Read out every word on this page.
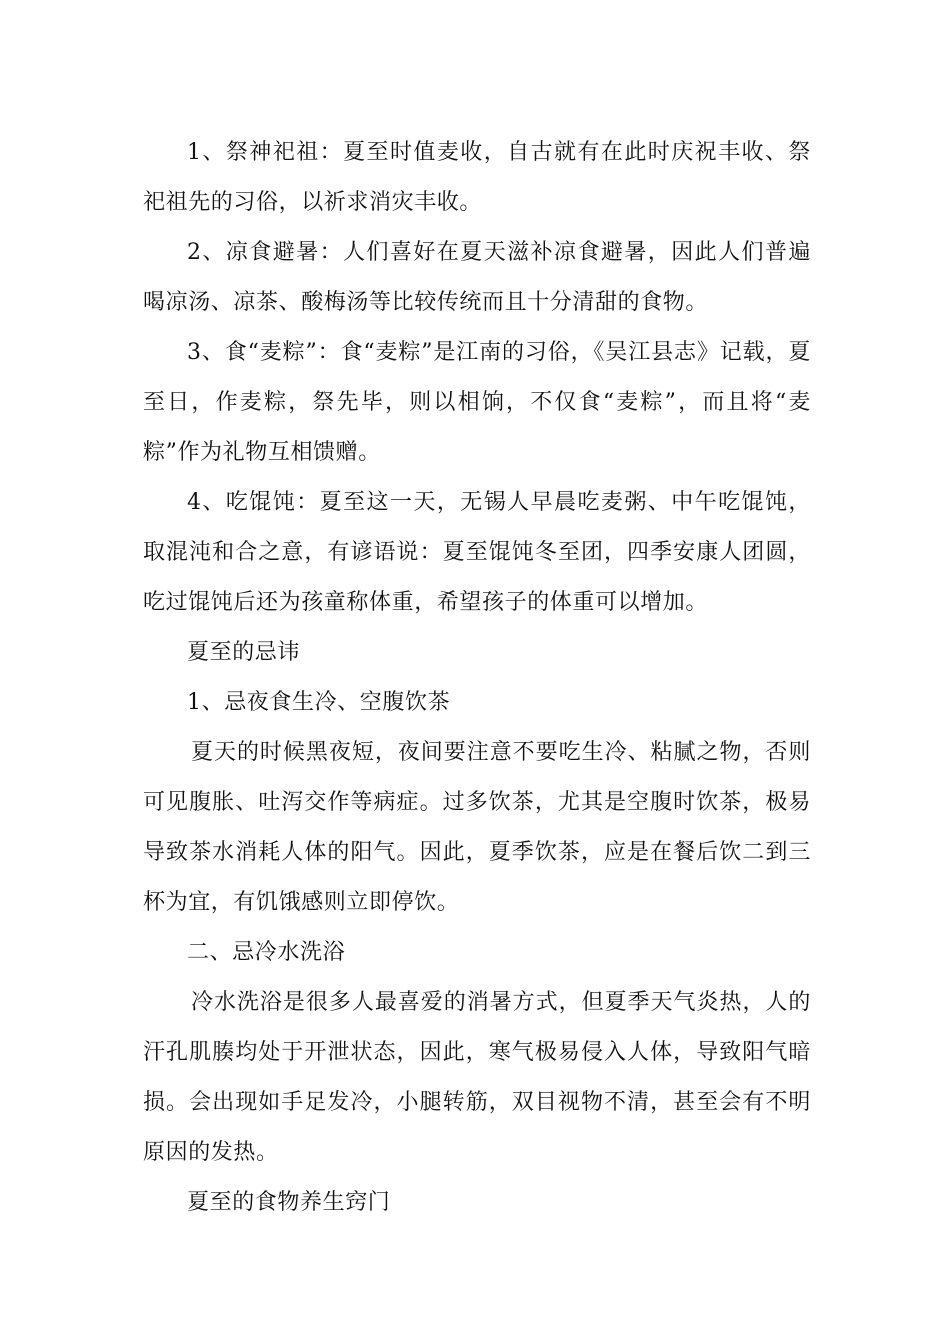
1、祭神祀祖：夏至时值麦收，自古就有在此时庆祝丰收、祭祀祖先的习俗，以祈求消灾丰收。

2、凉食避暑：人们喜好在夏天滋补凉食避暑，因此人们普遍喝凉汤、凉茶、酸梅汤等比较传统而且十分清甜的食物。

3、食“麦粽”：食“麦粽”是江南的习俗，《吴江县志》记载，夏至日，作麦粽，祭先毕，则以相饷，不仅食“麦粽”，而且将“麦粽”作为礼物互相馈赠。

4、吃馄饨：夏至这一天，无锡人早晨吃麦粥、中午吃馄饨，取混沌和合之意，有谚语说：夏至馄饨冬至团，四季安康人团圆，吃过馄饨后还为孩童称体重，希望孩子的体重可以增加。

夏至的忌讳

1、忌夜食生冷、空腹饮茶

夏天的时候黑夜短，夜间要注意不要吃生冷、粘腻之物，否则可见腹胀、吐泻交作等病症。过多饮茶，尤其是空腹时饮茶，极易导致茶水消耗人体的阳气。因此，夏季饮茶，应是在餐后饮二到三杯为宜，有饥饿感则立即停饮。

二、忌冷水洗浴

冷水洗浴是很多人最喜爱的消暑方式，但夏季天气炎热，人的汗孔肌腠均处于开泄状态，因此，寒气极易侵入人体，导致阳气暗损。会出现如手足发冷，小腿转筋，双目视物不清，甚至会有不明原因的发热。

夏至的食物养生窍门
